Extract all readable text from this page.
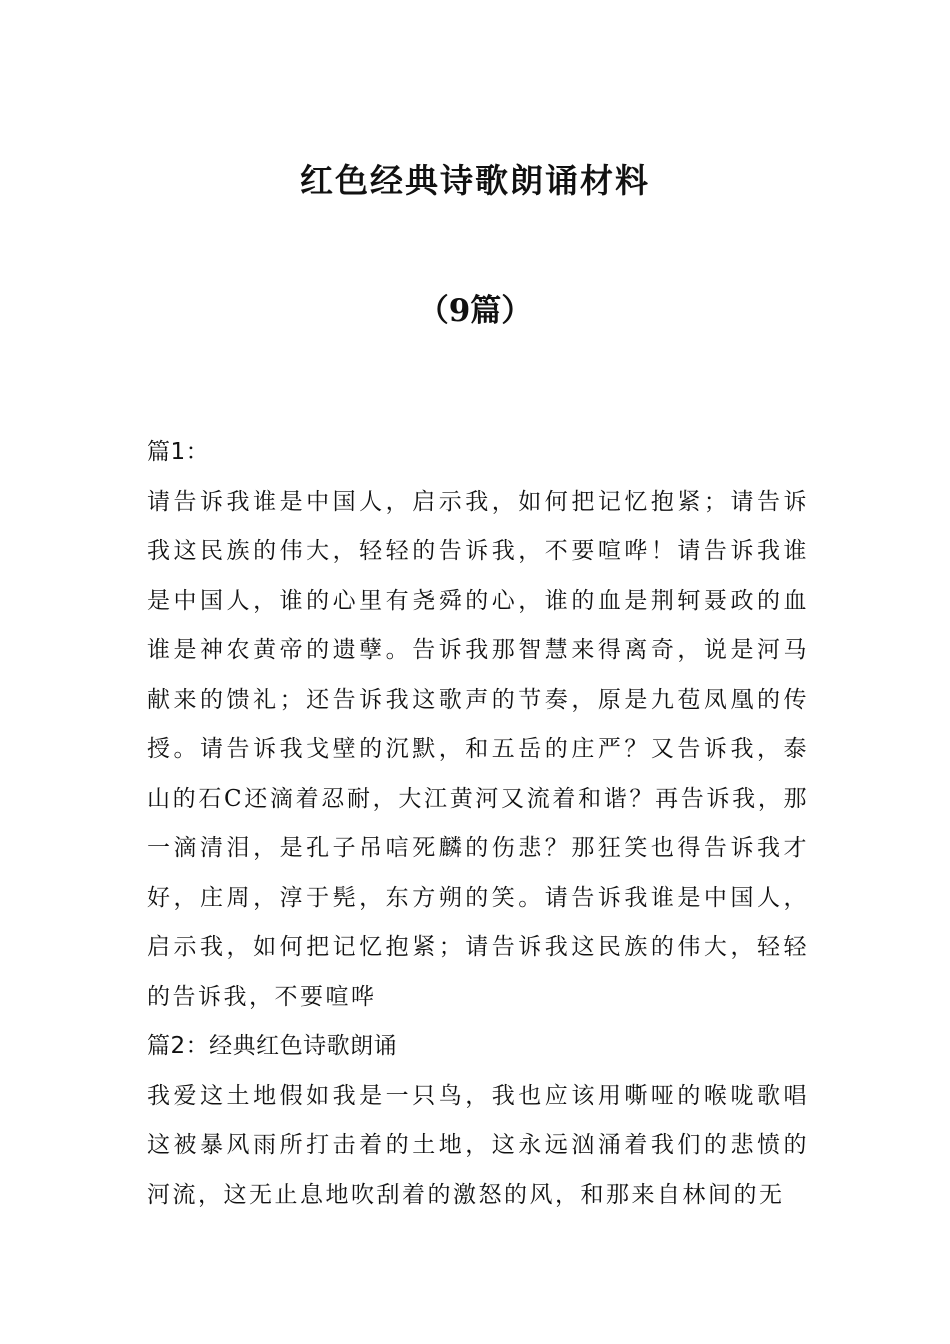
红色经典诗歌朗诵材料
（9篇）

篇1：

请告诉我谁是中国人，启示我，如何把记忆抱紧；请告诉我这民族的伟大，轻轻的告诉我，不要喧哗！请告诉我谁是中国人，谁的心里有尧舜的心，谁的血是荆轲聂政的血谁是神农黄帝的遗孽。告诉我那智慧来得离奇，说是河马献来的馈礼；还告诉我这歌声的节奏，原是九苞凤凰的传授。请告诉我戈壁的沉默，和五岳的庄严？又告诉我，泰山的石C还滴着忍耐，大江黄河又流着和谐？再告诉我，那一滴清泪，是孔子吊唁死麟的伤悲？那狂笑也得告诉我才好，庄周，淳于髡，东方朔的笑。请告诉我谁是中国人，启示我，如何把记忆抱紧；请告诉我这民族的伟大，轻轻的告诉我，不要喧哗

篇2：经典红色诗歌朗诵

我爱这土地假如我是一只鸟，我也应该用嘶哑的喉咙歌唱这被暴风雨所打击着的土地，这永远汹涌着我们的悲愤的河流，这无止息地吹刮着的激怒的风，和那来自林间的无
